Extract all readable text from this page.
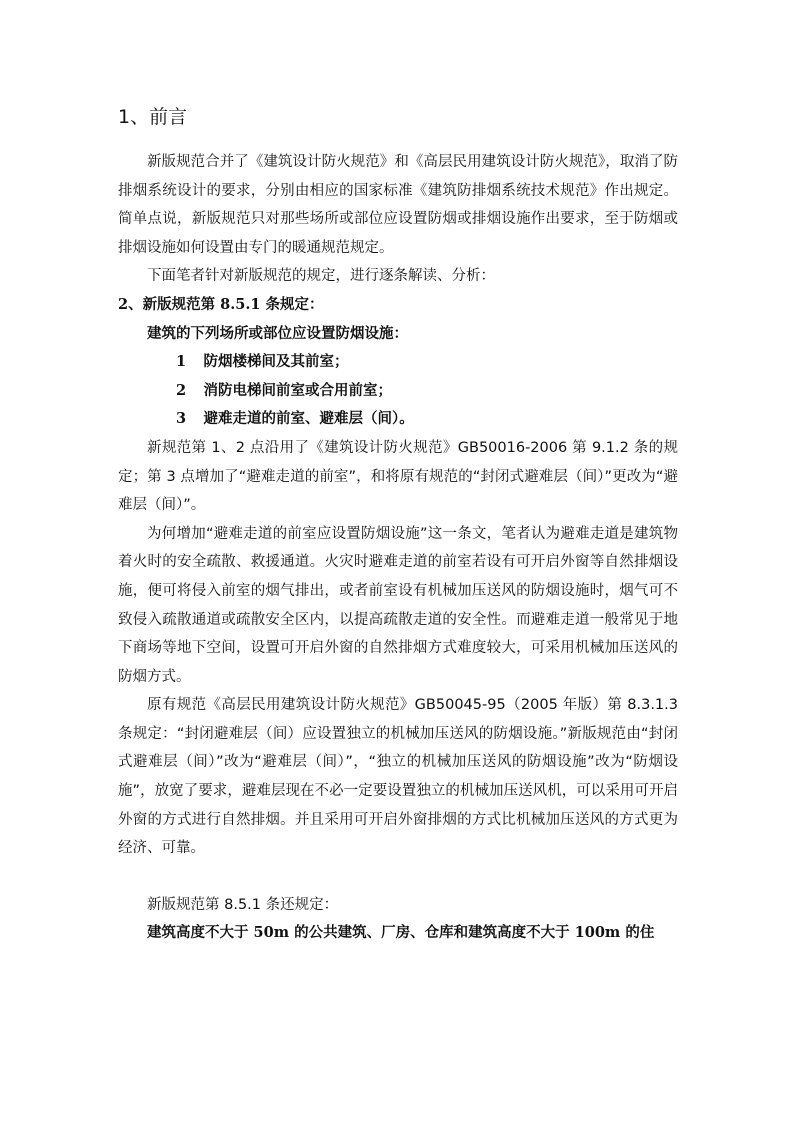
1、前言

新版规范合并了《建筑设计防火规范》和《高层民用建筑设计防火规范》，取消了防排烟系统设计的要求，分别由相应的国家标准《建筑防排烟系统技术规范》作出规定。简单点说，新版规范只对那些场所或部位应设置防烟或排烟设施作出要求，至于防烟或排烟设施如何设置由专门的暖通规范规定。

下面笔者针对新版规范的规定，进行逐条解读、分析：

2、新版规范第 8.5.1 条规定：

建筑的下列场所或部位应设置防烟设施：

1 防烟楼梯间及其前室；

2 消防电梯间前室或合用前室；

3 避难走道的前室、避难层（间）。

新规范第 1、2 点沿用了《建筑设计防火规范》GB50016-2006 第 9.1.2 条的规定；第 3 点增加了“避难走道的前室”，和将原有规范的“封闭式避难层（间）”更改为“避难层（间）”。

为何增加“避难走道的前室应设置防烟设施”这一条文，笔者认为避难走道是建筑物着火时的安全疏散、救援通道。火灾时避难走道的前室若设有可开启外窗等自然排烟设施，便可将侵入前室的烟气排出，或者前室设有机械加压送风的防烟设施时，烟气可不致侵入疏散通道或疏散安全区内，以提高疏散走道的安全性。而避难走道一般常见于地下商场等地下空间，设置可开启外窗的自然排烟方式难度较大，可采用机械加压送风的防烟方式。

原有规范《高层民用建筑设计防火规范》GB50045-95（2005 年版）第 8.3.1.3 条规定：“封闭避难层（间）应设置独立的机械加压送风的防烟设施。”新版规范由“封闭式避难层（间）”改为“避难层（间）”，“独立的机械加压送风的防烟设施”改为“防烟设施”，放宽了要求，避难层现在不必一定要设置独立的机械加压送风机，可以采用可开启外窗的方式进行自然排烟。并且采用可开启外窗排烟的方式比机械加压送风的方式更为经济、可靠。

新版规范第 8.5.1 条还规定：

建筑高度不大于 50m 的公共建筑、厂房、仓库和建筑高度不大于 100m 的住
